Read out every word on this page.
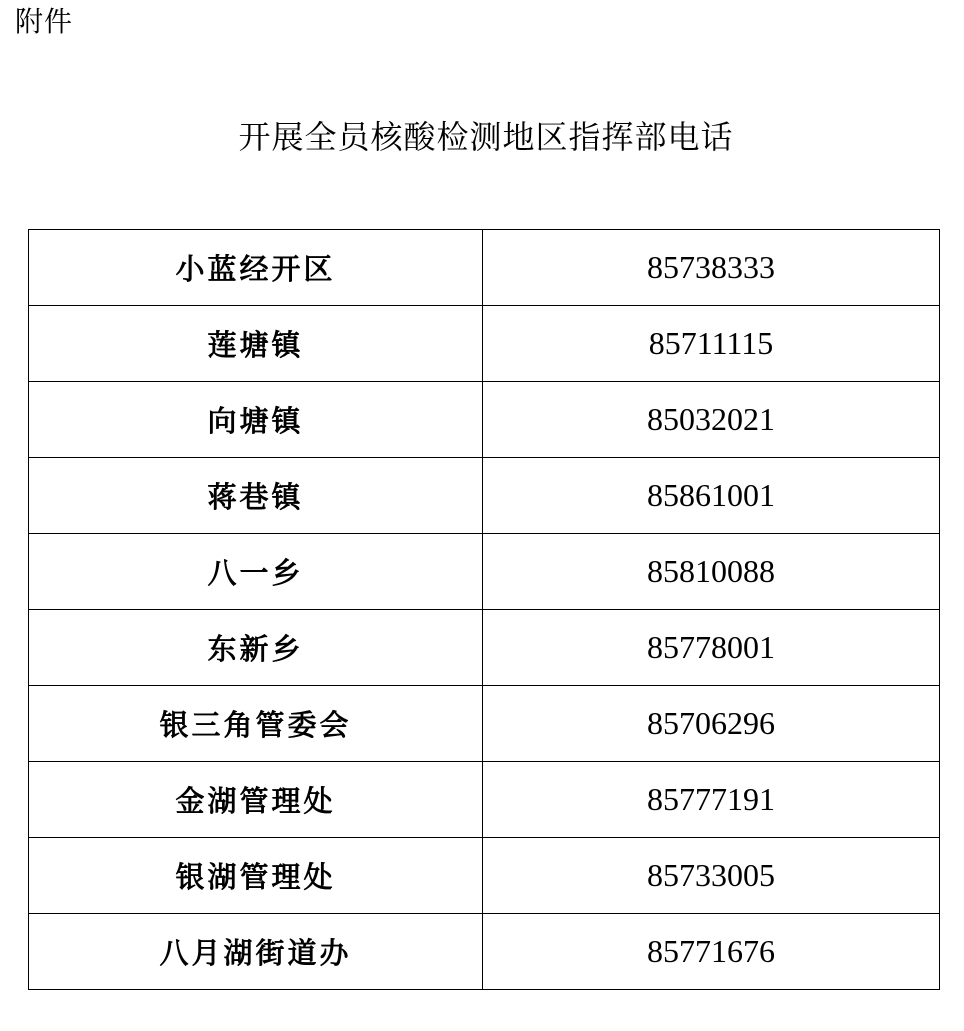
附件
开展全员核酸检测地区指挥部电话
小蓝经开区	85738333
莲塘镇	85711115
向塘镇	85032021
蒋巷镇	85861001
八一乡	85810088
东新乡	85778001
银三角管委会	85706296
金湖管理处	85777191
银湖管理处	85733005
八月湖街道办	85771676
